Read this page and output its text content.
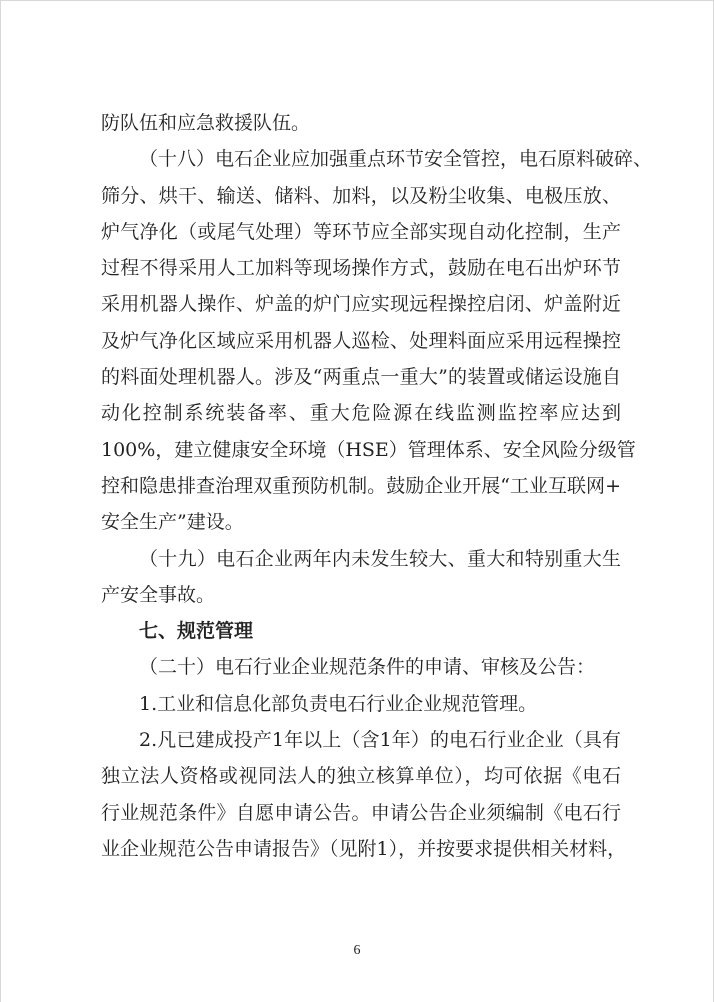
防队伍和应急救援队伍。

（十八）电石企业应加强重点环节安全管控，电石原料破碎、

筛分、烘干、输送、储料、加料，以及粉尘收集、电极压放、

炉气净化（或尾气处理）等环节应全部实现自动化控制，生产

过程不得采用人工加料等现场操作方式，鼓励在电石出炉环节

采用机器人操作、炉盖的炉门应实现远程操控启闭、炉盖附近

及炉气净化区域应采用机器人巡检、处理料面应采用远程操控

的料面处理机器人。涉及“两重点一重大”的装置或储运设施自

动化控制系统装备率、重大危险源在线监测监控率应达到

100%，建立健康安全环境（HSE）管理体系、安全风险分级管

控和隐患排查治理双重预防机制。鼓励企业开展“工业互联网+

安全生产”建设。

（十九）电石企业两年内未发生较大、重大和特别重大生

产安全事故。

七、规范管理

（二十）电石行业企业规范条件的申请、审核及公告：

1.工业和信息化部负责电石行业企业规范管理。

2.凡已建成投产1年以上（含1年）的电石行业企业（具有

独立法人资格或视同法人的独立核算单位），均可依据《电石

行业规范条件》自愿申请公告。申请公告企业须编制《电石行

业企业规范公告申请报告》（见附1），并按要求提供相关材料，

6
